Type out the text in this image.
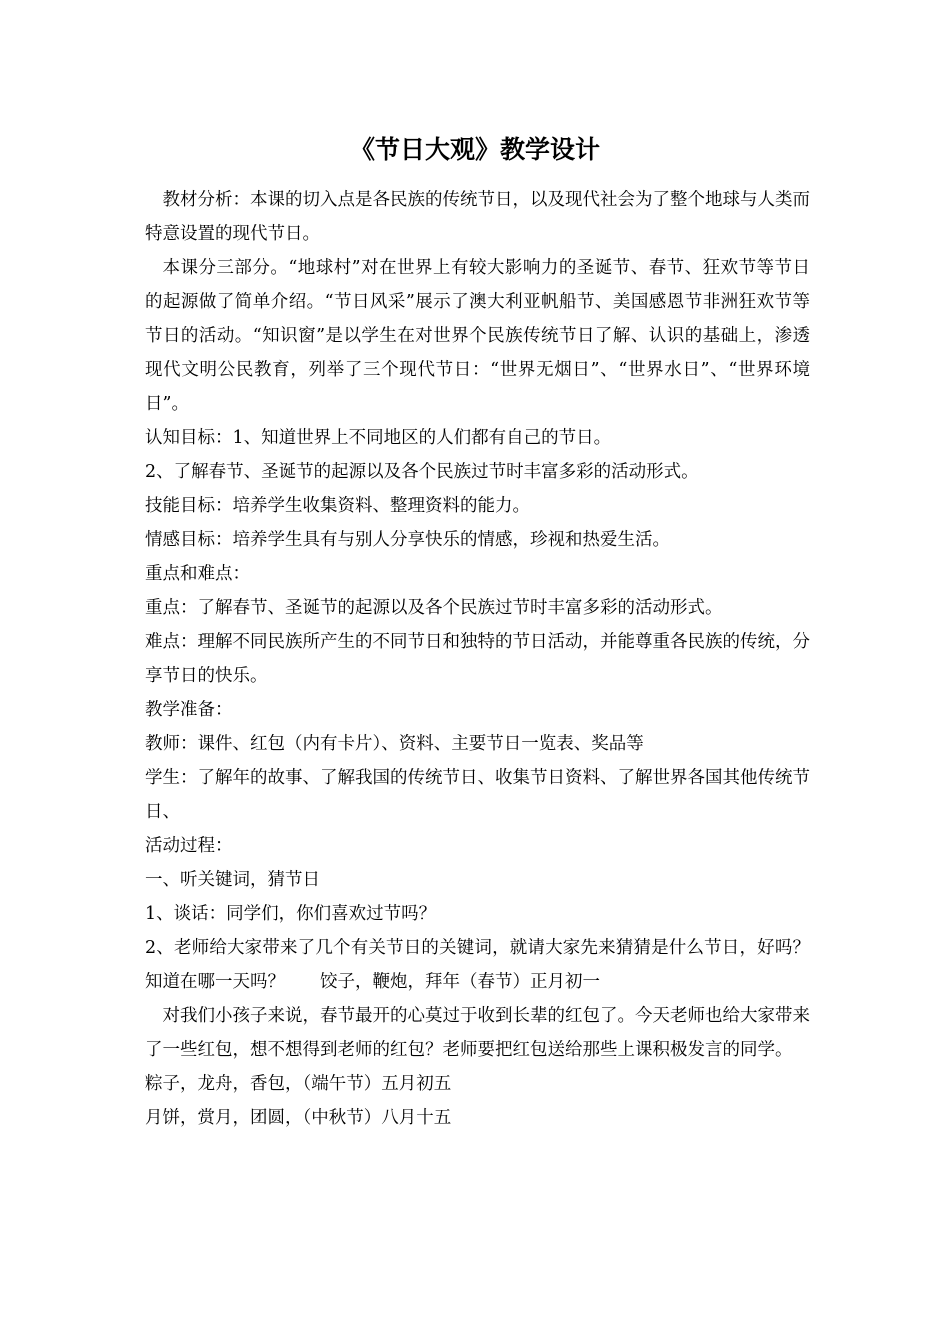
《节日大观》教学设计

教材分析：本课的切入点是各民族的传统节日，以及现代社会为了整个地球与人类而特意设置的现代节日。

本课分三部分。“地球村”对在世界上有较大影响力的圣诞节、春节、狂欢节等节日的起源做了简单介绍。“节日风采”展示了澳大利亚帆船节、美国感恩节非洲狂欢节等节日的活动。“知识窗”是以学生在对世界个民族传统节日了解、认识的基础上，渗透现代文明公民教育，列举了三个现代节日：“世界无烟日”、“世界水日”、“世界环境日”。

认知目标：1、知道世界上不同地区的人们都有自己的节日。

2、了解春节、圣诞节的起源以及各个民族过节时丰富多彩的活动形式。

技能目标：培养学生收集资料、整理资料的能力。

情感目标：培养学生具有与别人分享快乐的情感，珍视和热爱生活。

重点和难点：

重点：了解春节、圣诞节的起源以及各个民族过节时丰富多彩的活动形式。

难点：理解不同民族所产生的不同节日和独特的节日活动，并能尊重各民族的传统，分享节日的快乐。

教学准备：

教师：课件、红包（内有卡片）、资料、主要节日一览表、奖品等

学生：了解年的故事、了解我国的传统节日、收集节日资料、了解世界各国其他传统节日、

活动过程：

一、听关键词，猜节日

1、谈话：同学们，你们喜欢过节吗？

2、老师给大家带来了几个有关节日的关键词，就请大家先来猜猜是什么节日，好吗？知道在哪一天吗？　　饺子，鞭炮，拜年（春节）正月初一

对我们小孩子来说，春节最开的心莫过于收到长辈的红包了。今天老师也给大家带来了一些红包，想不想得到老师的红包？老师要把红包送给那些上课积极发言的同学。

粽子，龙舟，香包，（端午节）五月初五

月饼，赏月，团圆，（中秋节）八月十五
